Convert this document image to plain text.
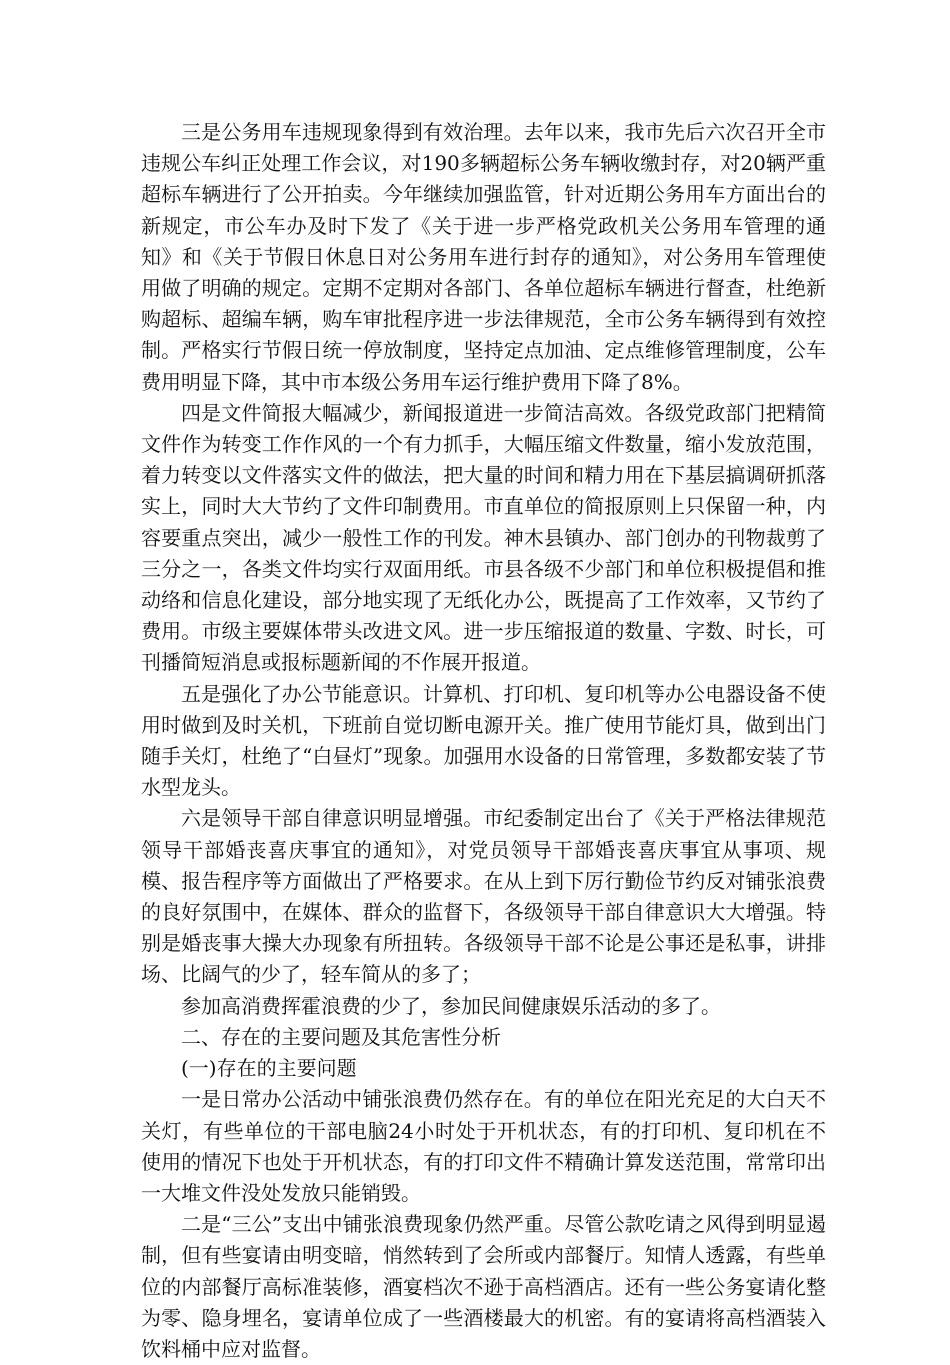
三是公务用车违规现象得到有效治理。去年以来，我市先后六次召开全市违规公车纠正处理工作会议，对190多辆超标公务车辆收缴封存，对20辆严重超标车辆进行了公开拍卖。今年继续加强监管，针对近期公务用车方面出台的新规定，市公车办及时下发了《关于进一步严格党政机关公务用车管理的通知》和《关于节假日休息日对公务用车进行封存的通知》，对公务用车管理使用做了明确的规定。定期不定期对各部门、各单位超标车辆进行督查，杜绝新购超标、超编车辆，购车审批程序进一步法律规范，全市公务车辆得到有效控制。严格实行节假日统一停放制度，坚持定点加油、定点维修管理制度，公车费用明显下降，其中市本级公务用车运行维护费用下降了8%。

四是文件简报大幅减少，新闻报道进一步简洁高效。各级党政部门把精简文件作为转变工作作风的一个有力抓手，大幅压缩文件数量，缩小发放范围，着力转变以文件落实文件的做法，把大量的时间和精力用在下基层搞调研抓落实上，同时大大节约了文件印制费用。市直单位的简报原则上只保留一种，内容要重点突出，减少一般性工作的刊发。神木县镇办、部门创办的刊物裁剪了三分之一，各类文件均实行双面用纸。市县各级不少部门和单位积极提倡和推动络和信息化建设，部分地实现了无纸化办公，既提高了工作效率，又节约了费用。市级主要媒体带头改进文风。进一步压缩报道的数量、字数、时长，可刊播简短消息或报标题新闻的不作展开报道。

五是强化了办公节能意识。计算机、打印机、复印机等办公电器设备不使用时做到及时关机，下班前自觉切断电源开关。推广使用节能灯具，做到出门随手关灯，杜绝了“白昼灯”现象。加强用水设备的日常管理，多数都安装了节水型龙头。

六是领导干部自律意识明显增强。市纪委制定出台了《关于严格法律规范领导干部婚丧喜庆事宜的通知》，对党员领导干部婚丧喜庆事宜从事项、规模、报告程序等方面做出了严格要求。在从上到下厉行勤俭节约反对铺张浪费的良好氛围中，在媒体、群众的监督下，各级领导干部自律意识大大增强。特别是婚丧事大操大办现象有所扭转。各级领导干部不论是公事还是私事，讲排场、比阔气的少了，轻车简从的多了；

参加高消费挥霍浪费的少了，参加民间健康娱乐活动的多了。

二、存在的主要问题及其危害性分析

(一)存在的主要问题

一是日常办公活动中铺张浪费仍然存在。有的单位在阳光充足的大白天不关灯，有些单位的干部电脑24小时处于开机状态，有的打印机、复印机在不使用的情况下也处于开机状态，有的打印文件不精确计算发送范围，常常印出一大堆文件没处发放只能销毁。

二是“三公”支出中铺张浪费现象仍然严重。尽管公款吃请之风得到明显遏制，但有些宴请由明变暗，悄然转到了会所或内部餐厅。知情人透露，有些单位的内部餐厅高标准装修，酒宴档次不逊于高档酒店。还有一些公务宴请化整为零、隐身埋名，宴请单位成了一些酒楼最大的机密。有的宴请将高档酒装入饮料桶中应对监督。
